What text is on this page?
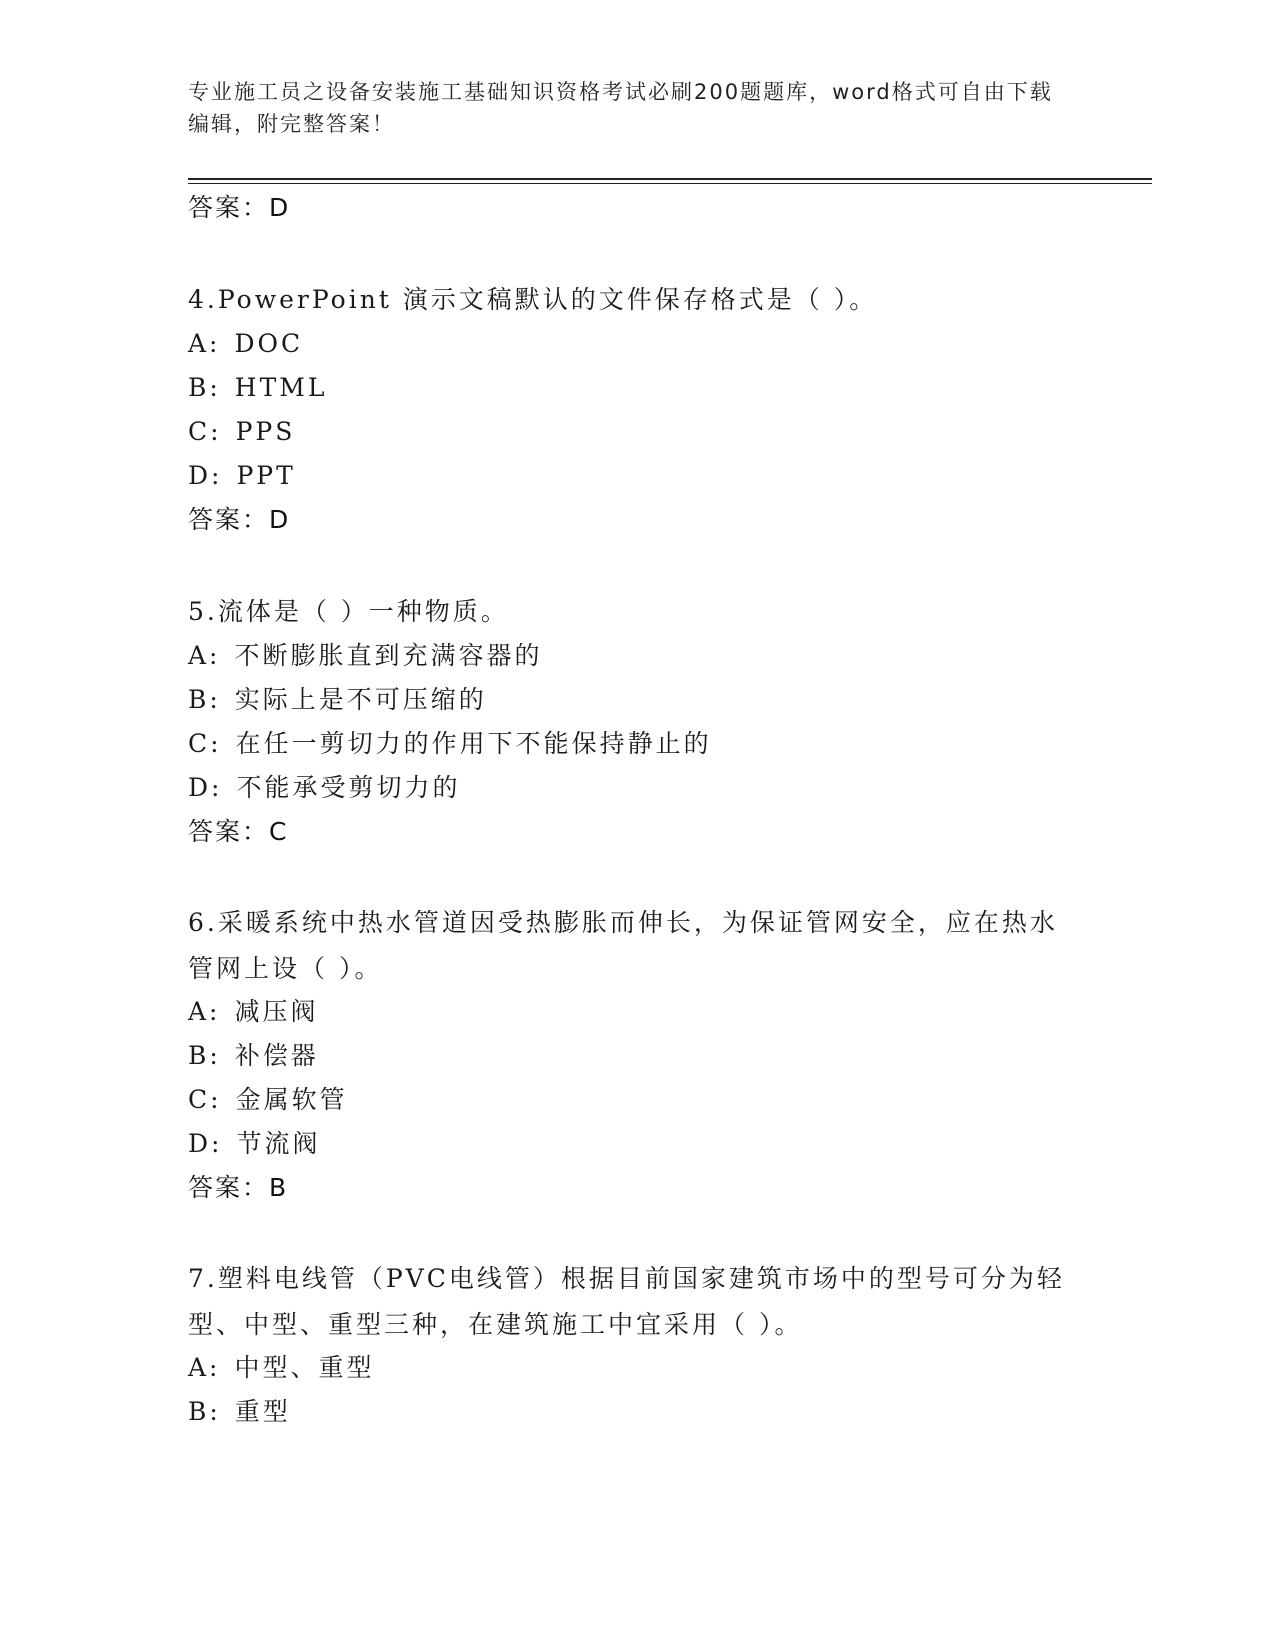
专业施工员之设备安装施工基础知识资格考试必刷200题题库，word格式可自由下载编辑，附完整答案！
答案：D
4.PowerPoint 演示文稿默认的文件保存格式是（ ）。
A: DOC
B: HTML
C: PPS
D: PPT
答案：D
5.流体是（ ）一种物质。
A: 不断膨胀直到充满容器的
B: 实际上是不可压缩的
C: 在任一剪切力的作用下不能保持静止的
D: 不能承受剪切力的
答案：C
6.采暖系统中热水管道因受热膨胀而伸长，为保证管网安全，应在热水管网上设（ ）。
A: 减压阀
B: 补偿器
C: 金属软管
D: 节流阀
答案：B
7.塑料电线管（PVC电线管）根据目前国家建筑市场中的型号可分为轻型、中型、重型三种，在建筑施工中宜采用（ ）。
A: 中型、重型
B: 重型
